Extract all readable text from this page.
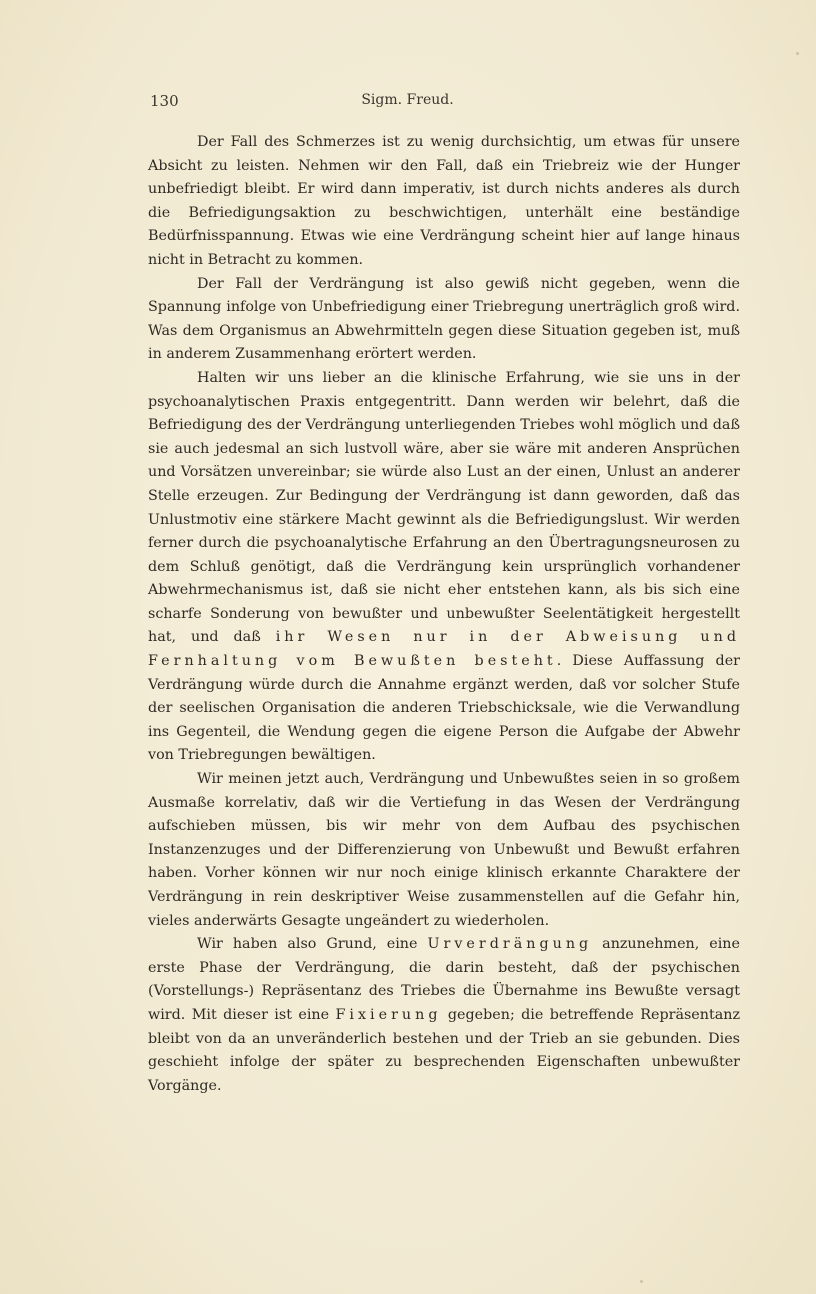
130	Sigm. Freud.

Der Fall des Schmerzes ist zu wenig durchsichtig, um etwas für unsere Absicht zu leisten. Nehmen wir den Fall, daß ein Triebreiz wie der Hunger unbefriedigt bleibt. Er wird dann imperativ, ist durch nichts anderes als durch die Befriedigungsaktion zu beschwichtigen, unterhält eine beständige Bedürfnisspannung. Etwas wie eine Verdrängung scheint hier auf lange hinaus nicht in Betracht zu kommen.

Der Fall der Verdrängung ist also gewiß nicht gegeben, wenn die Spannung infolge von Unbefriedigung einer Triebregung unerträglich groß wird. Was dem Organismus an Abwehrmitteln gegen diese Situation gegeben ist, muß in anderem Zusammenhang erörtert werden.

Halten wir uns lieber an die klinische Erfahrung, wie sie uns in der psychoanalytischen Praxis entgegentritt. Dann werden wir belehrt, daß die Befriedigung des der Verdrängung unterliegenden Triebes wohl möglich und daß sie auch jedesmal an sich lustvoll wäre, aber sie wäre mit anderen Ansprüchen und Vorsätzen unvereinbar; sie würde also Lust an der einen, Unlust an anderer Stelle erzeugen. Zur Bedingung der Verdrängung ist dann geworden, daß das Unlustmotiv eine stärkere Macht gewinnt als die Befriedigungslust. Wir werden ferner durch die psychoanalytische Erfahrung an den Übertragungsneurosen zu dem Schluß genötigt, daß die Verdrängung kein ursprünglich vorhandener Abwehrmechanismus ist, daß sie nicht eher entstehen kann, als bis sich eine scharfe Sonderung von bewußter und unbewußter Seelentätigkeit hergestellt hat, und daß ihr Wesen nur in der Abweisung und Fernhaltung vom Bewußten besteht. Diese Auffassung der Verdrängung würde durch die Annahme ergänzt werden, daß vor solcher Stufe der seelischen Organisation die anderen Triebschicksale, wie die Verwandlung ins Gegenteil, die Wendung gegen die eigene Person die Aufgabe der Abwehr von Triebregungen bewältigen.

Wir meinen jetzt auch, Verdrängung und Unbewußtes seien in so großem Ausmaße korrelativ, daß wir die Vertiefung in das Wesen der Verdrängung aufschieben müssen, bis wir mehr von dem Aufbau des psychischen Instanzenzuges und der Differenzierung von Unbewußt und Bewußt erfahren haben. Vorher können wir nur noch einige klinisch erkannte Charaktere der Verdrängung in rein deskriptiver Weise zusammenstellen auf die Gefahr hin, vieles anderwärts Gesagte ungeändert zu wiederholen.

Wir haben also Grund, eine Urverdrängung anzunehmen, eine erste Phase der Verdrängung, die darin besteht, daß der psychischen (Vorstellungs-) Repräsentanz des Triebes die Übernahme ins Bewußte versagt wird. Mit dieser ist eine Fixierung gegeben; die betreffende Repräsentanz bleibt von da an unveränderlich bestehen und der Trieb an sie gebunden. Dies geschieht infolge der später zu besprechenden Eigenschaften unbewußter Vorgänge.
